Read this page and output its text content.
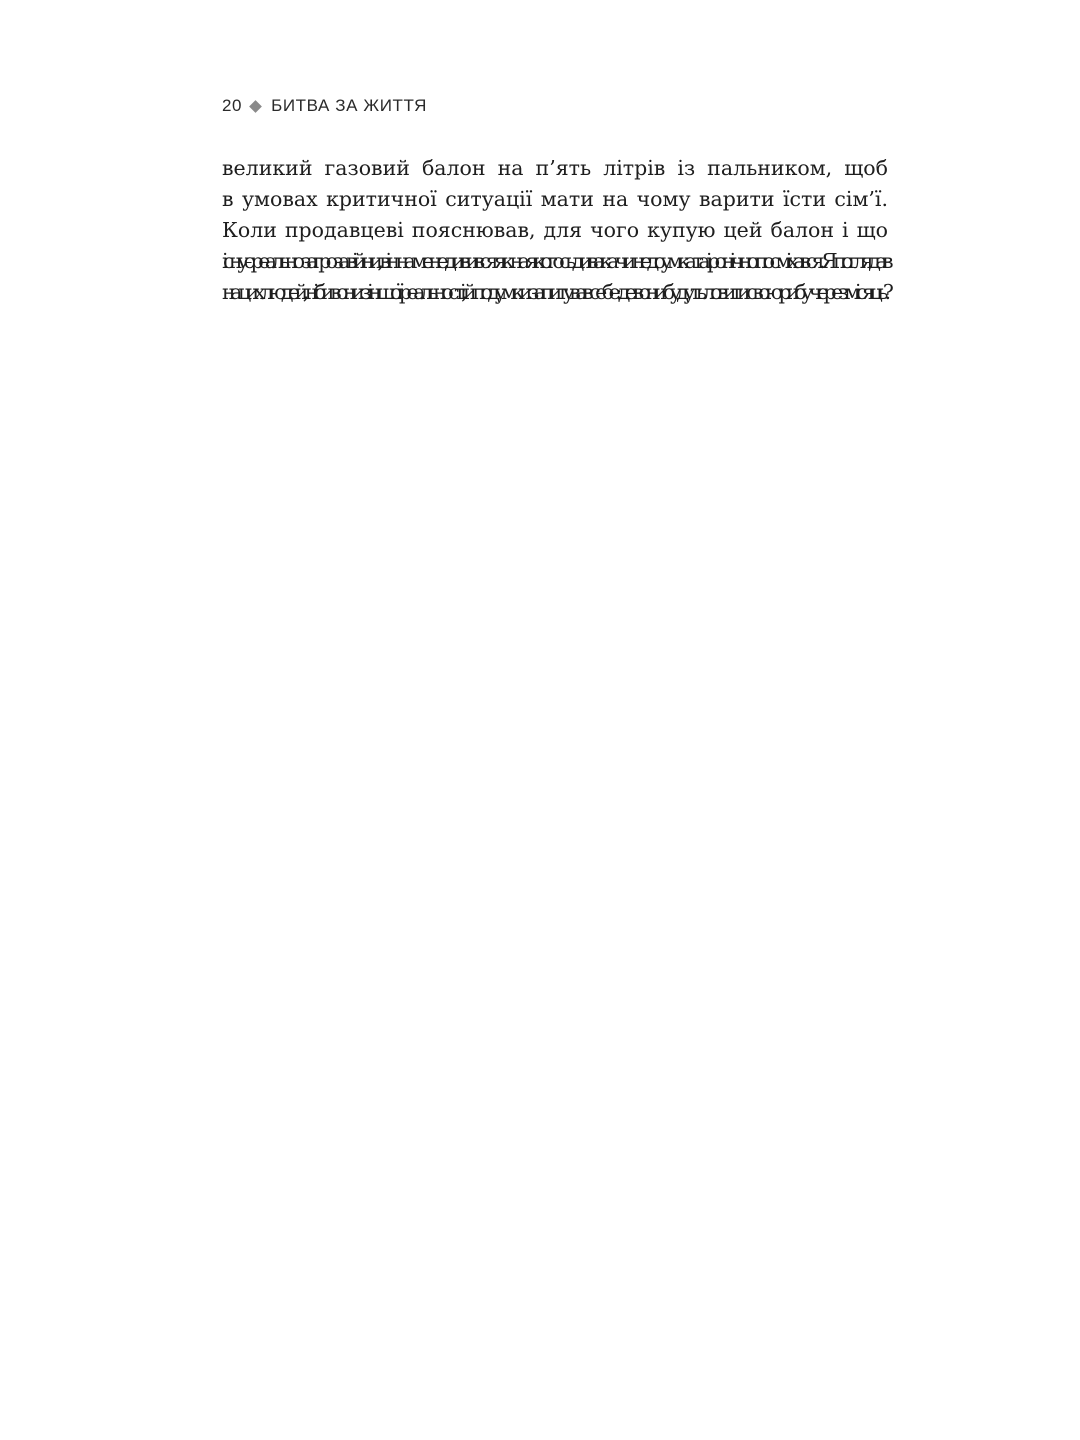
20 БИТВА ЗА ЖИТТЯ
великий газовий балон на п’ять літрів із пальником, щоб
в умовах критичної ситуації мати на чому варити їсти сім’ї.
Коли продавцеві пояснював, для чого купую цей балон і що
існує реально загроза війни, він на мене дивився як на якогось дивака чи недоумка та іронічно посміхався. Я поглядав
на цих людей, ніби вони з іншої реальності, й подумки запитував себе: де вони будуть ловити свою рибу через місяць?
